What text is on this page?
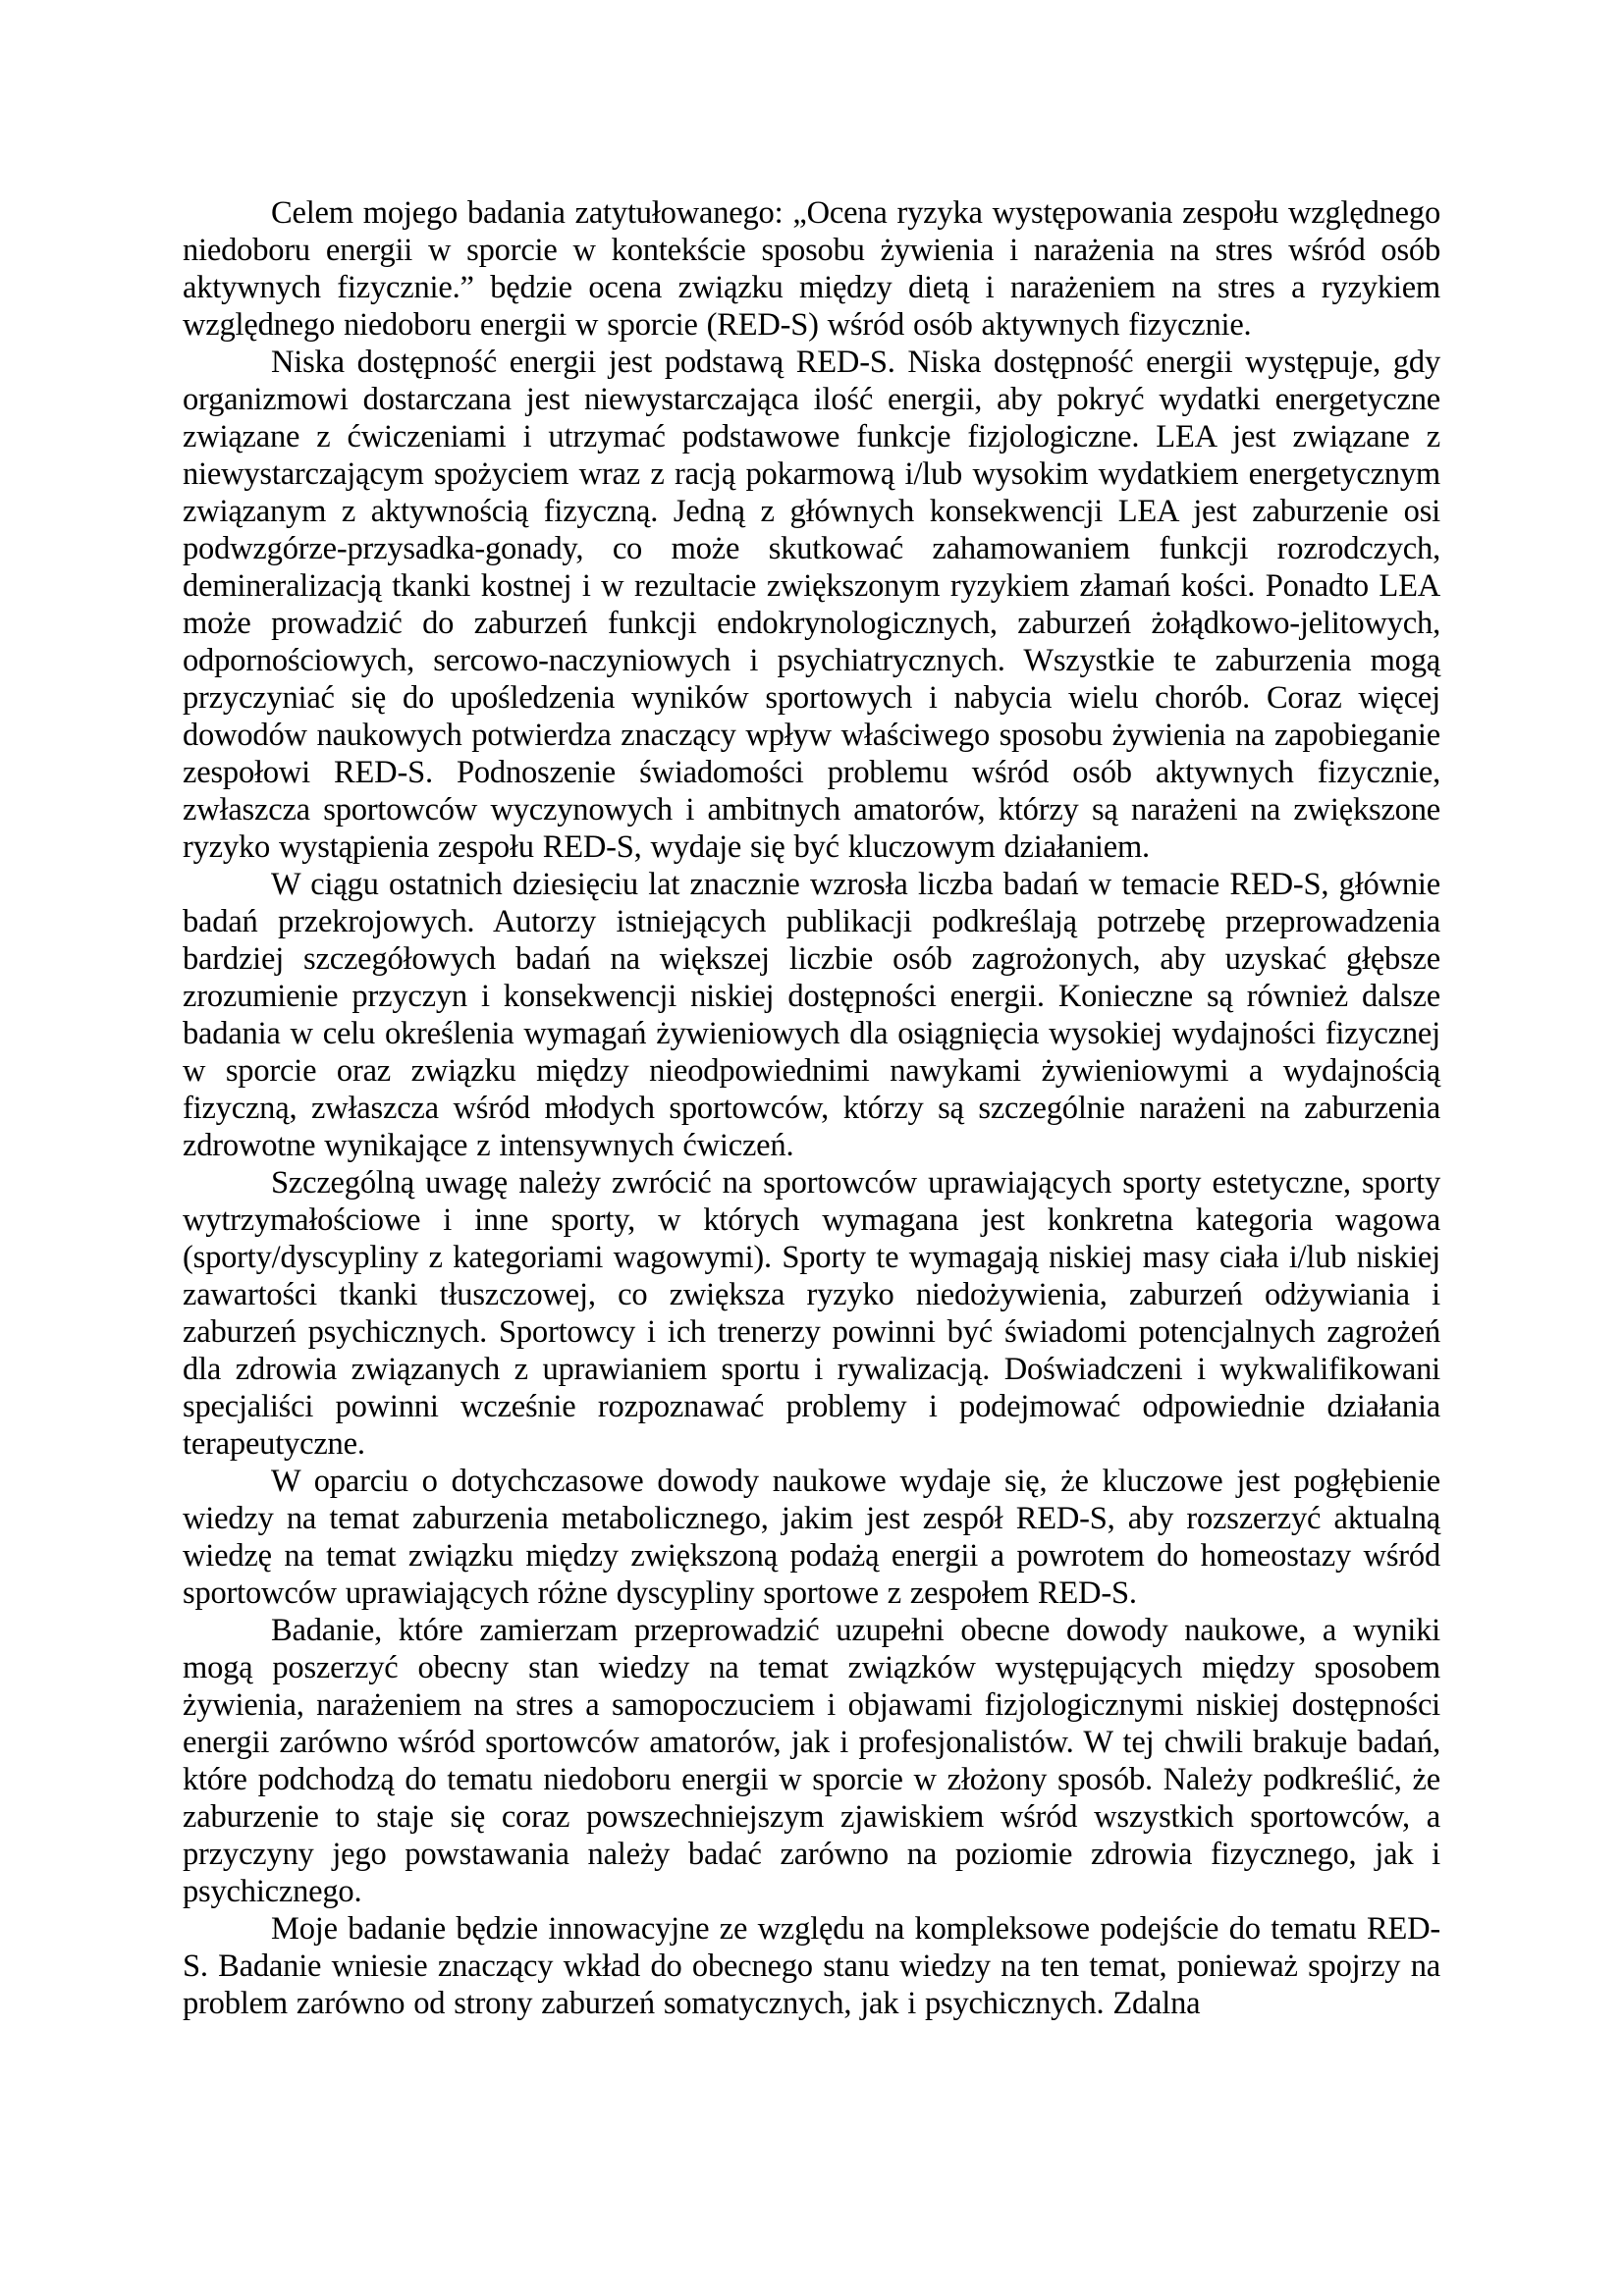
Celem mojego badania zatytułowanego: „Ocena ryzyka występowania zespołu względnego niedoboru energii w sporcie w kontekście sposobu żywienia i narażenia na stres wśród osób aktywnych fizycznie.” będzie ocena związku między dietą i narażeniem na stres a ryzykiem względnego niedoboru energii w sporcie (RED-S) wśród osób aktywnych fizycznie.

Niska dostępność energii jest podstawą RED-S. Niska dostępność energii występuje, gdy organizmowi dostarczana jest niewystarczająca ilość energii, aby pokryć wydatki energetyczne związane z ćwiczeniami i utrzymać podstawowe funkcje fizjologiczne. LEA jest związane z niewystarczającym spożyciem wraz z racją pokarmową i/lub wysokim wydatkiem energetycznym związanym z aktywnością fizyczną. Jedną z głównych konsekwencji LEA jest zaburzenie osi podwzgórze-przysadka-gonady, co może skutkować zahamowaniem funkcji rozrodczych, demineralizacją tkanki kostnej i w rezultacie zwiększonym ryzykiem złamań kości. Ponadto LEA może prowadzić do zaburzeń funkcji endokrynologicznych, zaburzeń żołądkowo-jelitowych, odpornościowych, sercowo-naczyniowych i psychiatrycznych. Wszystkie te zaburzenia mogą przyczyniać się do upośledzenia wyników sportowych i nabycia wielu chorób. Coraz więcej dowodów naukowych potwierdza znaczący wpływ właściwego sposobu żywienia na zapobieganie zespołowi RED-S. Podnoszenie świadomości problemu wśród osób aktywnych fizycznie, zwłaszcza sportowców wyczynowych i ambitnych amatorów, którzy są narażeni na zwiększone ryzyko wystąpienia zespołu RED-S, wydaje się być kluczowym działaniem.

W ciągu ostatnich dziesięciu lat znacznie wzrosła liczba badań w temacie RED-S, głównie badań przekrojowych. Autorzy istniejących publikacji podkreślają potrzebę przeprowadzenia bardziej szczegółowych badań na większej liczbie osób zagrożonych, aby uzyskać głębsze zrozumienie przyczyn i konsekwencji niskiej dostępności energii. Konieczne są również dalsze badania w celu określenia wymagań żywieniowych dla osiągnięcia wysokiej wydajności fizycznej w sporcie oraz związku między nieodpowiednimi nawykami żywieniowymi a wydajnością fizyczną, zwłaszcza wśród młodych sportowców, którzy są szczególnie narażeni na zaburzenia zdrowotne wynikające z intensywnych ćwiczeń.

Szczególną uwagę należy zwrócić na sportowców uprawiających sporty estetyczne, sporty wytrzymałościowe i inne sporty, w których wymagana jest konkretna kategoria wagowa (sporty/dyscypliny z kategoriami wagowymi). Sporty te wymagają niskiej masy ciała i/lub niskiej zawartości tkanki tłuszczowej, co zwiększa ryzyko niedożywienia, zaburzeń odżywiania i zaburzeń psychicznych. Sportowcy i ich trenerzy powinni być świadomi potencjalnych zagrożeń dla zdrowia związanych z uprawianiem sportu i rywalizacją. Doświadczeni i wykwalifikowani specjaliści powinni wcześnie rozpoznawać problemy i podejmować odpowiednie działania terapeutyczne.

W oparciu o dotychczasowe dowody naukowe wydaje się, że kluczowe jest pogłębienie wiedzy na temat zaburzenia metabolicznego, jakim jest zespół RED-S, aby rozszerzyć aktualną wiedzę na temat związku między zwiększoną podażą energii a powrotem do homeostazy wśród sportowców uprawiających różne dyscypliny sportowe z zespołem RED-S.

Badanie, które zamierzam przeprowadzić uzupełni obecne dowody naukowe, a wyniki mogą poszerzyć obecny stan wiedzy na temat związków występujących między sposobem żywienia, narażeniem na stres a samopoczuciem i objawami fizjologicznymi niskiej dostępności energii zarówno wśród sportowców amatorów, jak i profesjonalistów. W tej chwili brakuje badań, które podchodzą do tematu niedoboru energii w sporcie w złożony sposób. Należy podkreślić, że zaburzenie to staje się coraz powszechniejszym zjawiskiem wśród wszystkich sportowców, a przyczyny jego powstawania należy badać zarówno na poziomie zdrowia fizycznego, jak i psychicznego.

Moje badanie będzie innowacyjne ze względu na kompleksowe podejście do tematu RED-S. Badanie wniesie znaczący wkład do obecnego stanu wiedzy na ten temat, ponieważ spojrzy na problem zarówno od strony zaburzeń somatycznych, jak i psychicznych. Zdalna
